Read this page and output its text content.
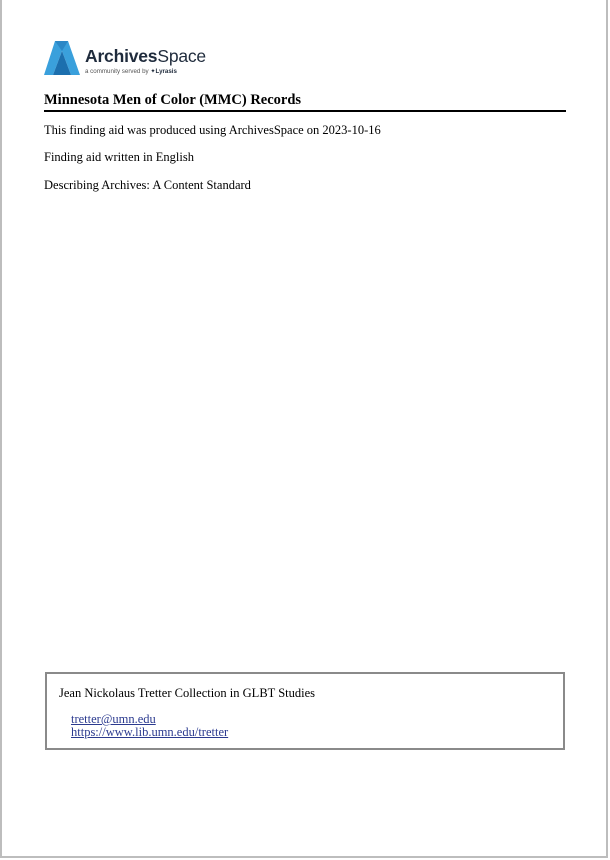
ArchivesSpace
a community served by ✦Lyrasis
Minnesota Men of Color (MMC) Records
This finding aid was produced using ArchivesSpace on 2023-10-16
Finding aid written in English
Describing Archives: A Content Standard
Jean Nickolaus Tretter Collection in GLBT Studies
tretter@umn.edu
https://www.lib.umn.edu/tretter
